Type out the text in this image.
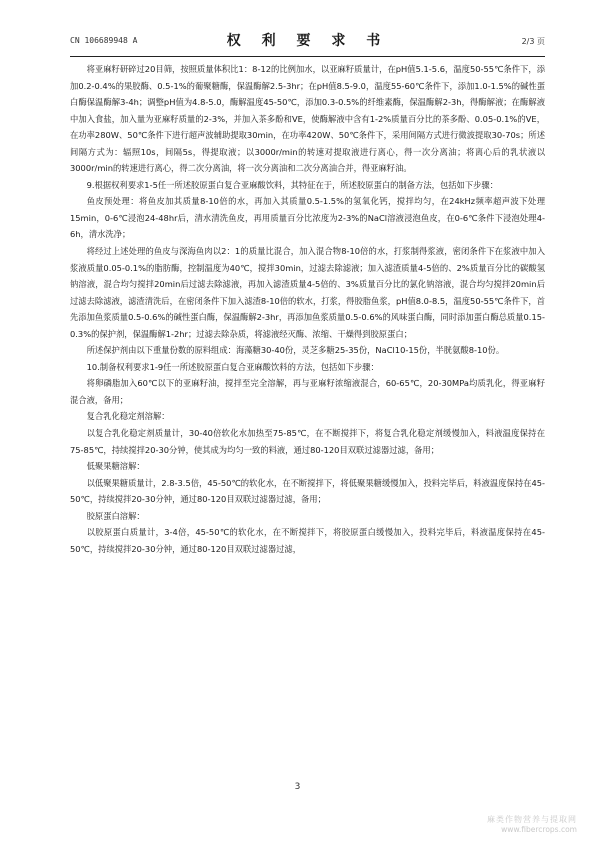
CN 106689948 A	权 利 要 求 书	2/3 页

将亚麻籽研碎过20目筛，按照质量体积比1：8-12的比例加水，以亚麻籽质量计，在pH值5.1-5.6，温度50-55℃条件下，添加0.2-0.4%的果胶酶、0.5-1%的葡聚糖酶，保温酶解2.5-3hr；在pH值8.5-9.0，温度55-60℃条件下，添加1.0-1.5%的碱性蛋白酶保温酶解3-4h；调整pH值为4.8-5.0，酶解温度45-50℃，添加0.3-0.5%的纤维素酶，保温酶解2-3h，得酶解液；在酶解液中加入食盐，加入量为亚麻籽质量的2-3%，并加入茶多酚和VE，使酶解液中含有1-2%质量百分比的茶多酚、0.05-0.1%的VE，在功率280W、50℃条件下进行超声波辅助提取30min，在功率420W、50℃条件下，采用间隔方式进行微波提取30-70s；所述间隔方式为：辐照10s，间隔5s，得提取液；以3000r/min的转速对提取液进行离心，得一次分离油；将离心后的乳状液以3000r/min的转速进行离心，得二次分离油，将一次分离油和二次分离油合并，得亚麻籽油。

9.根据权利要求1-5任一所述胶原蛋白复合亚麻酸饮料，其特征在于，所述胶原蛋白的制备方法，包括如下步骤：

鱼皮预处理：将鱼皮加其质量8-10倍的水，再加入其质量0.5-1.5%的氢氧化钙，搅拌均匀，在24kHz频率超声波下处理15min，0-6℃浸泡24-48hr后，清水清洗鱼皮，再用质量百分比浓度为2-3%的NaCl溶液浸泡鱼皮，在0-6℃条件下浸泡处理4-6h，清水洗净；

将经过上述处理的鱼皮与深海鱼肉以2：1的质量比混合，加入混合物8-10倍的水，打浆制得浆液，密闭条件下在浆液中加入浆液质量0.05-0.1%的脂肪酶，控制温度为40℃，搅拌30min，过滤去除滤液；加入滤渣质量4-5倍的、2%质量百分比的碳酸氢钠溶液，混合均匀搅拌20min后过滤去除滤液，再加入滤渣质量4-5倍的、3%质量百分比的氯化钠溶液，混合均匀搅拌20min后过滤去除滤液，滤渣清洗后，在密闭条件下加入滤渣8-10倍的软水，打浆，得胶脂鱼浆，pH值8.0-8.5，温度50-55℃条件下，首先添加鱼浆质量0.5-0.6%的碱性蛋白酶，保温酶解2-3hr，再添加鱼浆质量0.5-0.6%的风味蛋白酶，同时添加蛋白酶总质量0.15-0.3%的保护剂，保温酶解1-2hr；过滤去除杂质，将滤液经灭酶、浓缩、干燥得到胶原蛋白；

所述保护剂由以下重量份数的原料组成：海藻糖30-40份，灵芝多糖25-35份，NaCl10-15份，半胱氨酸8-10份。

10.制备权利要求1-9任一所述胶原蛋白复合亚麻酸饮料的方法，包括如下步骤：

将卵磷脂加入60℃以下的亚麻籽油，搅拌至完全溶解，再与亚麻籽浓缩液混合，60-65℃，20-30MPa均质乳化，得亚麻籽混合液，备用；

复合乳化稳定剂溶解：

以复合乳化稳定剂质量计，30-40倍软化水加热至75-85℃，在不断搅拌下，将复合乳化稳定剂缓慢加入，料液温度保持在75-85℃，持续搅拌20-30分钟，使其成为均匀一致的料液，通过80-120目双联过滤器过滤，备用；

低聚果糖溶解：

以低聚果糖质量计，2.8-3.5倍，45-50℃的软化水，在不断搅拌下，将低聚果糖缓慢加入，投料完毕后，料液温度保持在45-50℃，持续搅拌20-30分钟，通过80-120目双联过滤器过滤，备用；

胶原蛋白溶解：

以胶原蛋白质量计，3-4倍，45-50℃的软化水，在不断搅拌下，将胶原蛋白缓慢加入，投料完毕后，料液温度保持在45-50℃，持续搅拌20-30分钟，通过80-120目双联过滤器过滤，

3
麻类作物营养与提取网
www.fibercrops.com
